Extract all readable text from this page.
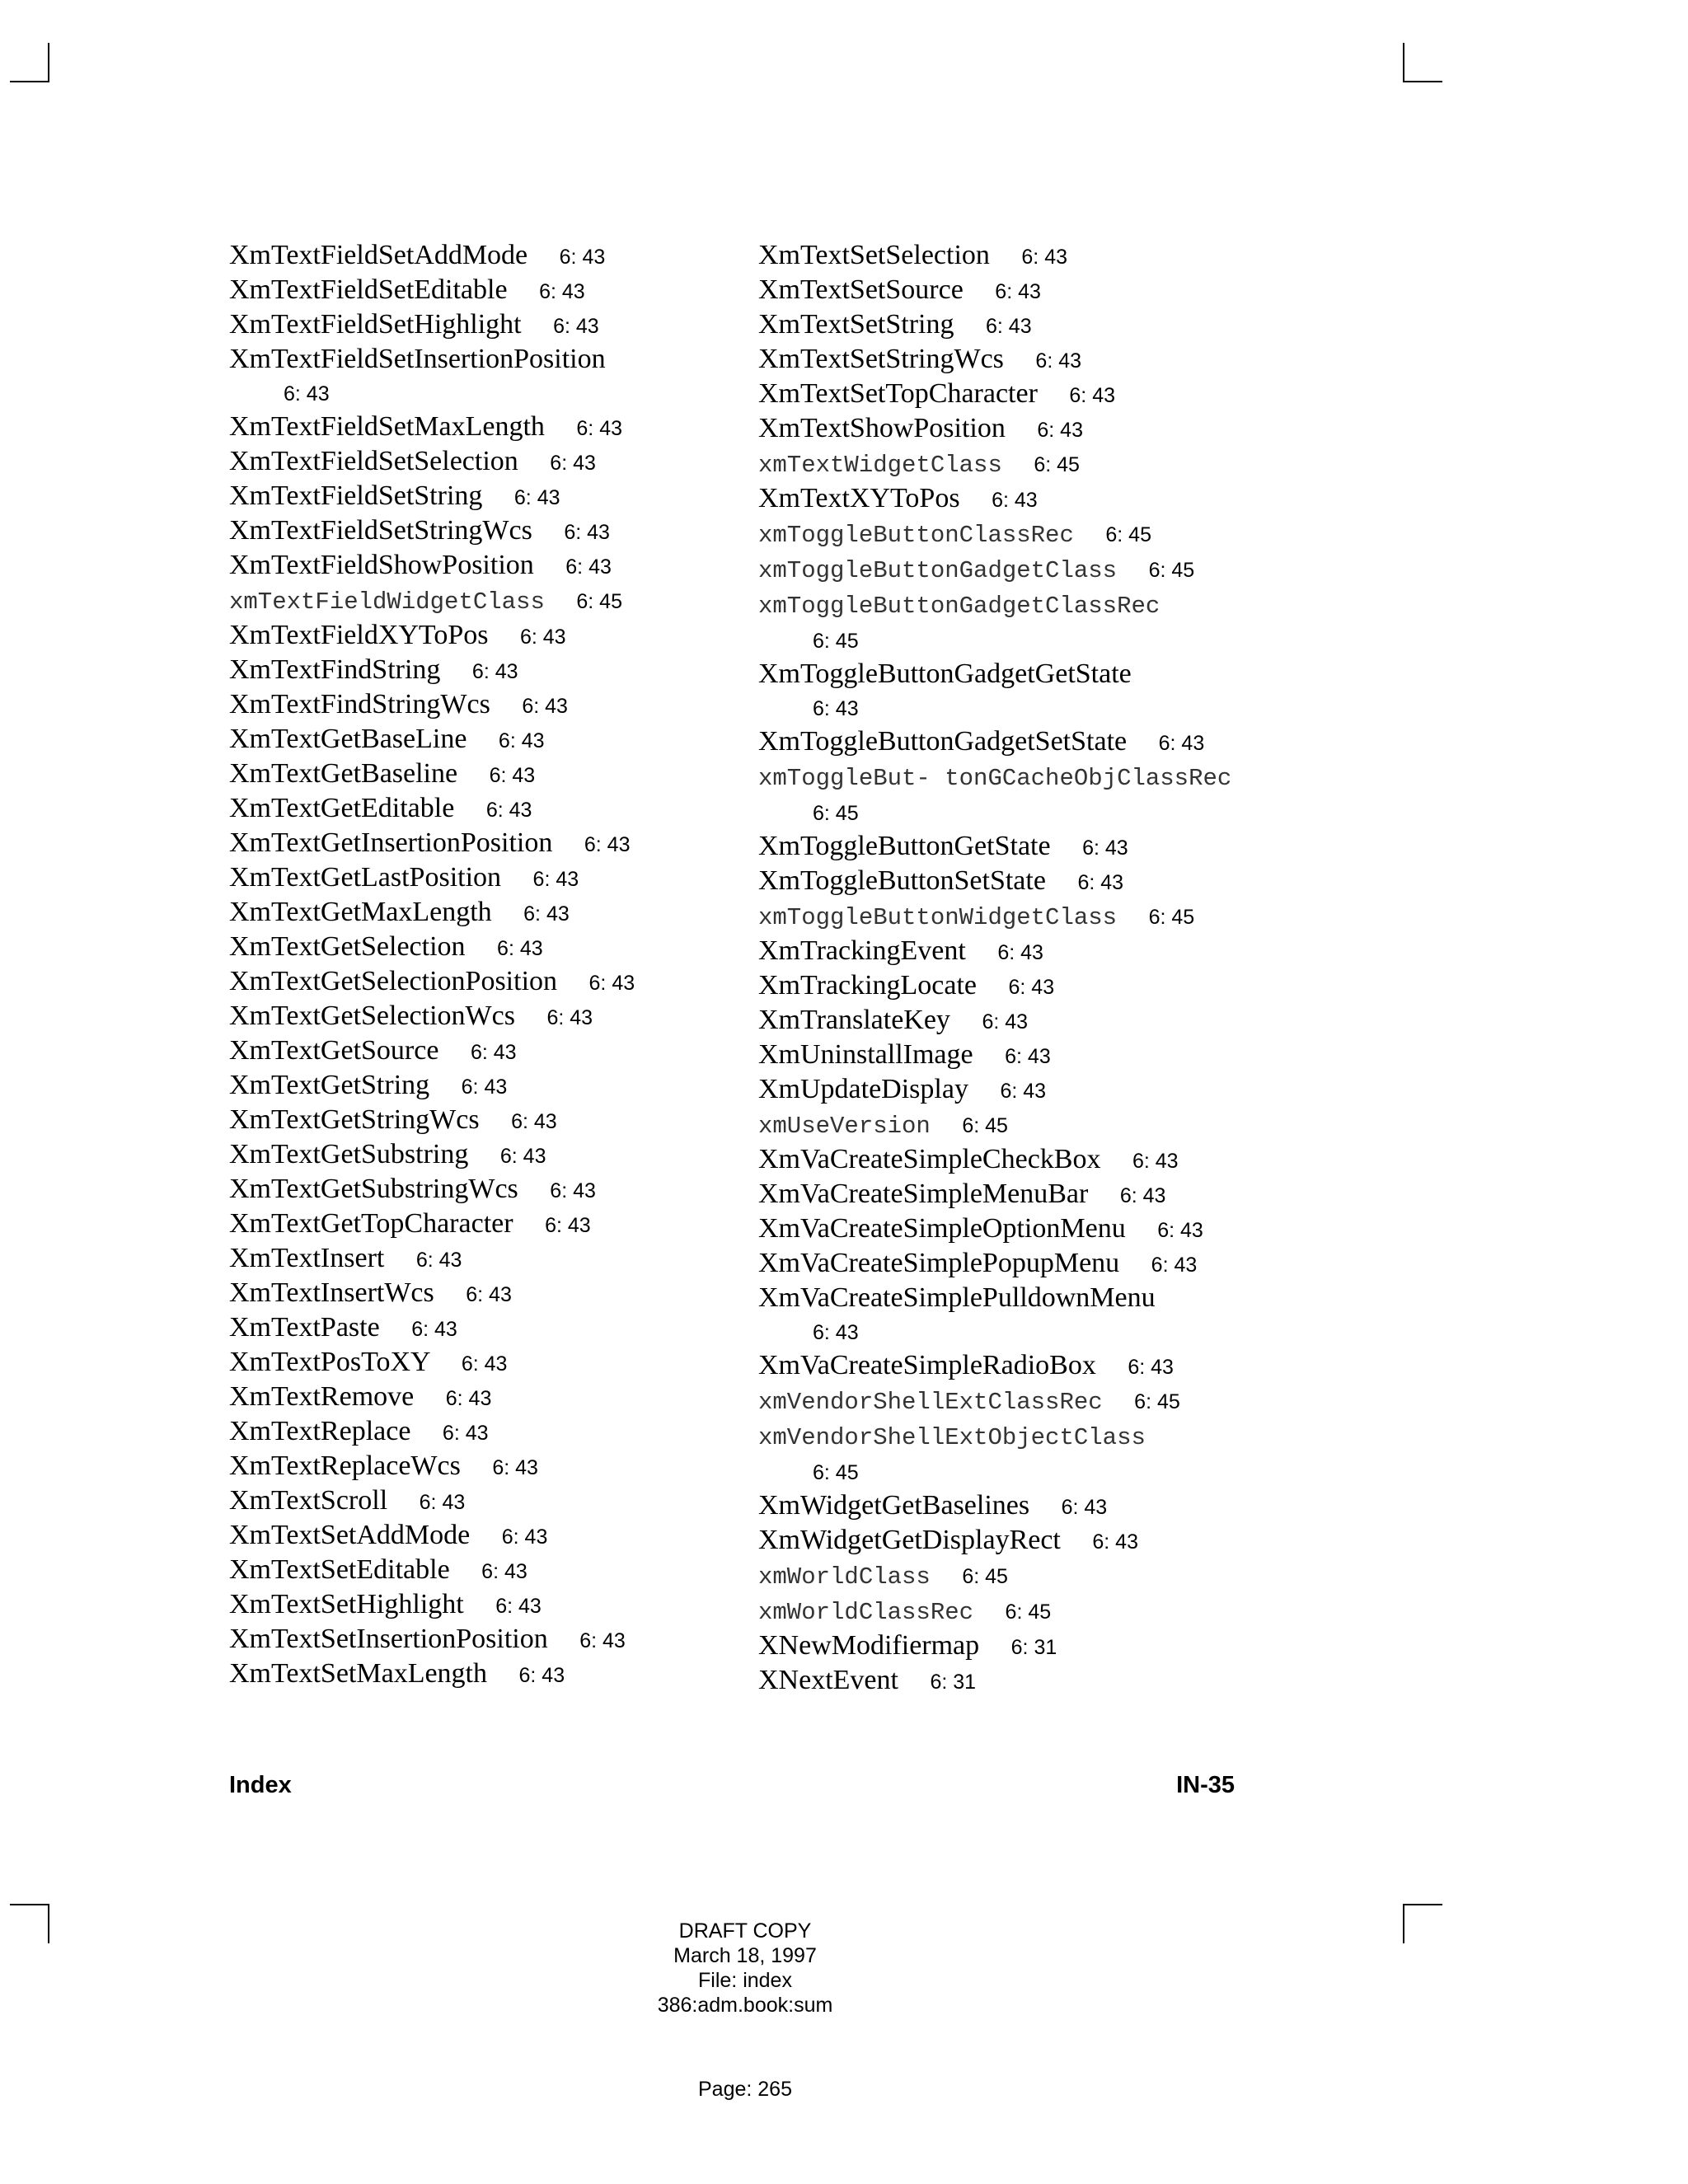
XmTextFieldSetAddMode 6: 43
XmTextFieldSetEditable 6: 43
XmTextFieldSetHighlight 6: 43
XmTextFieldSetInsertionPosition
6: 43
XmTextFieldSetMaxLength 6: 43
XmTextFieldSetSelection 6: 43
XmTextFieldSetString 6: 43
XmTextFieldSetStringWcs 6: 43
XmTextFieldShowPosition 6: 43
xmTextFieldWidgetClass 6: 45
XmTextFieldXYToPos 6: 43
XmTextFindString 6: 43
XmTextFindStringWcs 6: 43
XmTextGetBaseLine 6: 43
XmTextGetBaseline 6: 43
XmTextGetEditable 6: 43
XmTextGetInsertionPosition 6: 43
XmTextGetLastPosition 6: 43
XmTextGetMaxLength 6: 43
XmTextGetSelection 6: 43
XmTextGetSelectionPosition 6: 43
XmTextGetSelectionWcs 6: 43
XmTextGetSource 6: 43
XmTextGetString 6: 43
XmTextGetStringWcs 6: 43
XmTextGetSubstring 6: 43
XmTextGetSubstringWcs 6: 43
XmTextGetTopCharacter 6: 43
XmTextInsert 6: 43
XmTextInsertWcs 6: 43
XmTextPaste 6: 43
XmTextPosToXY 6: 43
XmTextRemove 6: 43
XmTextReplace 6: 43
XmTextReplaceWcs 6: 43
XmTextScroll 6: 43
XmTextSetAddMode 6: 43
XmTextSetEditable 6: 43
XmTextSetHighlight 6: 43
XmTextSetInsertionPosition 6: 43
XmTextSetMaxLength 6: 43
XmTextSetSelection 6: 43
XmTextSetSource 6: 43
XmTextSetString 6: 43
XmTextSetStringWcs 6: 43
XmTextSetTopCharacter 6: 43
XmTextShowPosition 6: 43
xmTextWidgetClass 6: 45
XmTextXYToPos 6: 43
xmToggleButtonClassRec 6: 45
xmToggleButtonGadgetClass 6: 45
xmToggleButtonGadgetClassRec
6: 45
XmToggleButtonGadgetGetState
6: 43
XmToggleButtonGadgetSetState 6: 43
xmToggleBut- tonGCacheObjClassRec
6: 45
XmToggleButtonGetState 6: 43
XmToggleButtonSetState 6: 43
xmToggleButtonWidgetClass 6: 45
XmTrackingEvent 6: 43
XmTrackingLocate 6: 43
XmTranslateKey 6: 43
XmUninstallImage 6: 43
XmUpdateDisplay 6: 43
xmUseVersion 6: 45
XmVaCreateSimpleCheckBox 6: 43
XmVaCreateSimpleMenuBar 6: 43
XmVaCreateSimpleOptionMenu 6: 43
XmVaCreateSimplePopupMenu 6: 43
XmVaCreateSimplePulldownMenu
6: 43
XmVaCreateSimpleRadioBox 6: 43
xmVendorShellExtClassRec 6: 45
xmVendorShellExtObjectClass
6: 45
XmWidgetGetBaselines 6: 43
XmWidgetGetDisplayRect 6: 43
xmWorldClass 6: 45
xmWorldClassRec 6: 45
XNewModifiermap 6: 31
XNextEvent 6: 31
Index	IN-35
DRAFT COPY
March 18, 1997
File: index
386:adm.book:sum
Page: 265
